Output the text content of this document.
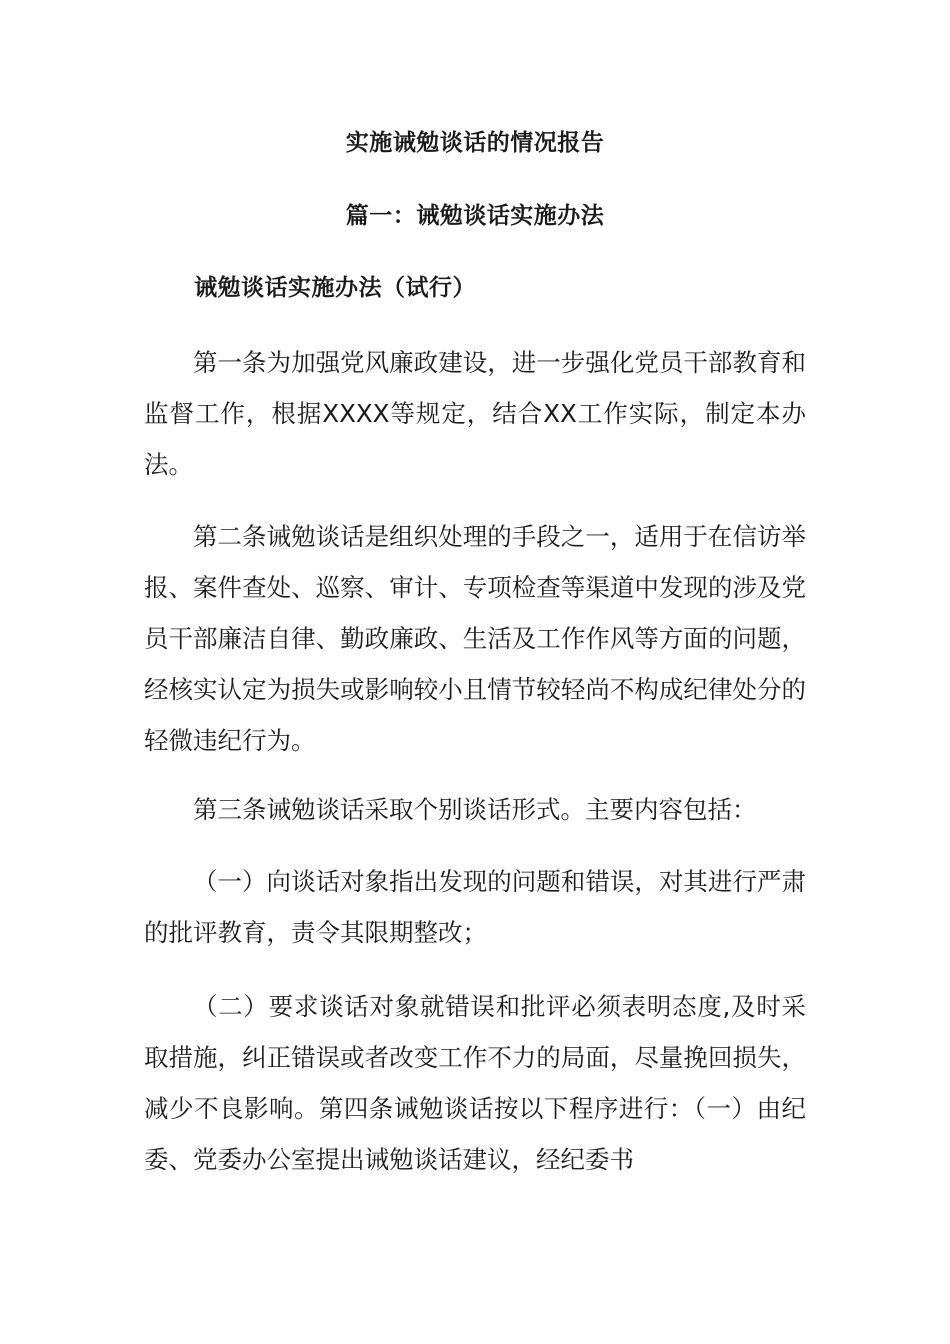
实施诫勉谈话的情况报告
篇一：诫勉谈话实施办法
诫勉谈话实施办法（试行）

第一条为加强党风廉政建设，进一步强化党员干部教育和监督工作，根据XXXX等规定，结合XX工作实际，制定本办法。

第二条诫勉谈话是组织处理的手段之一，适用于在信访举报、案件查处、巡察、审计、专项检查等渠道中发现的涉及党员干部廉洁自律、勤政廉政、生活及工作作风等方面的问题，经核实认定为损失或影响较小且情节较轻尚不构成纪律处分的轻微违纪行为。

第三条诫勉谈话采取个别谈话形式。主要内容包括：

（一）向谈话对象指出发现的问题和错误，对其进行严肃的批评教育，责令其限期整改；

（二）要求谈话对象就错误和批评必须表明态度,及时采取措施，纠正错误或者改变工作不力的局面，尽量挽回损失，减少不良影响。第四条诫勉谈话按以下程序进行：（一）由纪委、党委办公室提出诫勉谈话建议，经纪委书
